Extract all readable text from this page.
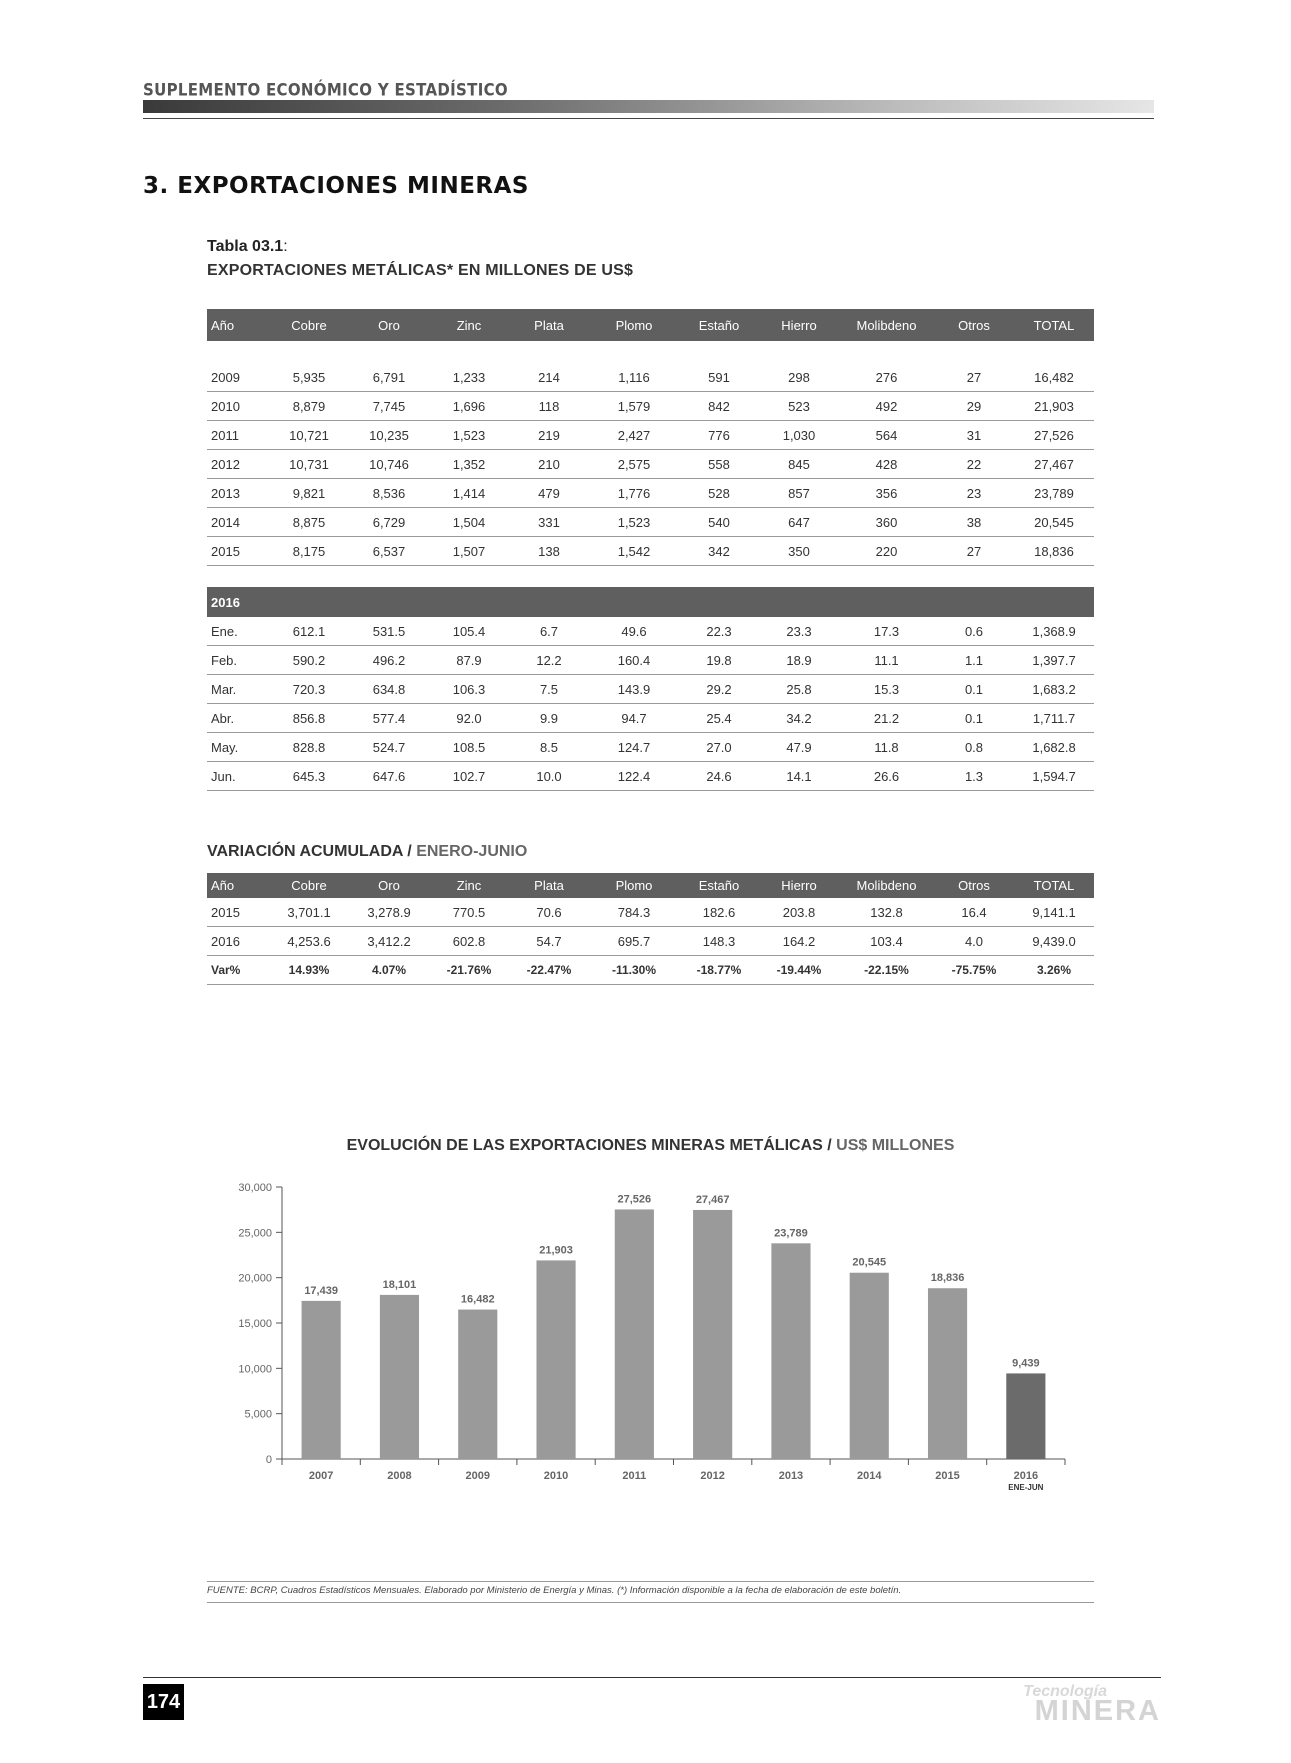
SUPLEMENTO ECONÓMICO Y ESTADÍSTICO
3. EXPORTACIONES MINERAS
Tabla 03.1:
EXPORTACIONES METÁLICAS* EN MILLONES DE US$
Año	Cobre	Oro	Zinc	Plata	Plomo	Estaño	Hierro	Molibdeno	Otros	TOTAL

2009	5,935	6,791	1,233	214	1,116	591	298	276	27	16,482
2010	8,879	7,745	1,696	118	1,579	842	523	492	29	21,903
2011	10,721	10,235	1,523	219	2,427	776	1,030	564	31	27,526
2012	10,731	10,746	1,352	210	2,575	558	845	428	22	27,467
2013	9,821	8,536	1,414	479	1,776	528	857	356	23	23,789
2014	8,875	6,729	1,504	331	1,523	540	647	360	38	20,545
2015	8,175	6,537	1,507	138	1,542	342	350	220	27	18,836
2016										
Ene.	612.1	531.5	105.4	6.7	49.6	22.3	23.3	17.3	0.6	1,368.9
Feb.	590.2	496.2	87.9	12.2	160.4	19.8	18.9	11.1	1.1	1,397.7
Mar.	720.3	634.8	106.3	7.5	143.9	29.2	25.8	15.3	0.1	1,683.2
Abr.	856.8	577.4	92.0	9.9	94.7	25.4	34.2	21.2	0.1	1,711.7
May.	828.8	524.7	108.5	8.5	124.7	27.0	47.9	11.8	0.8	1,682.8
Jun.	645.3	647.6	102.7	10.0	122.4	24.6	14.1	26.6	1.3	1,594.7
VARIACIÓN ACUMULADA / ENERO-JUNIO
Año	Cobre	Oro	Zinc	Plata	Plomo	Estaño	Hierro	Molibdeno	Otros	TOTAL
2015	3,701.1	3,278.9	770.5	70.6	784.3	182.6	203.8	132.8	16.4	9,141.1
2016	4,253.6	3,412.2	602.8	54.7	695.7	148.3	164.2	103.4	4.0	9,439.0
Var%	14.93%	4.07%	-21.76%	-22.47%	-11.30%	-18.77%	-19.44%	-22.15%	-75.75%	3.26%
EVOLUCIÓN DE LAS EXPORTACIONES MINERAS METÁLICAS / US$ MILLONES
0
5,000
10,000
15,000
20,000
25,000
30,000
17,439
2007
18,101
2008
16,482
2009
21,903
2010
27,526
2011
27,467
2012
23,789
2013
20,545
2014
18,836
2015
9,439
2016
ENE-JUN
FUENTE: BCRP, Cuadros Estadísticos Mensuales. Elaborado por Ministerio de Energía y Minas. (*) Información disponible a la fecha de elaboración de este boletín.
174	Tecnología
MINERA
